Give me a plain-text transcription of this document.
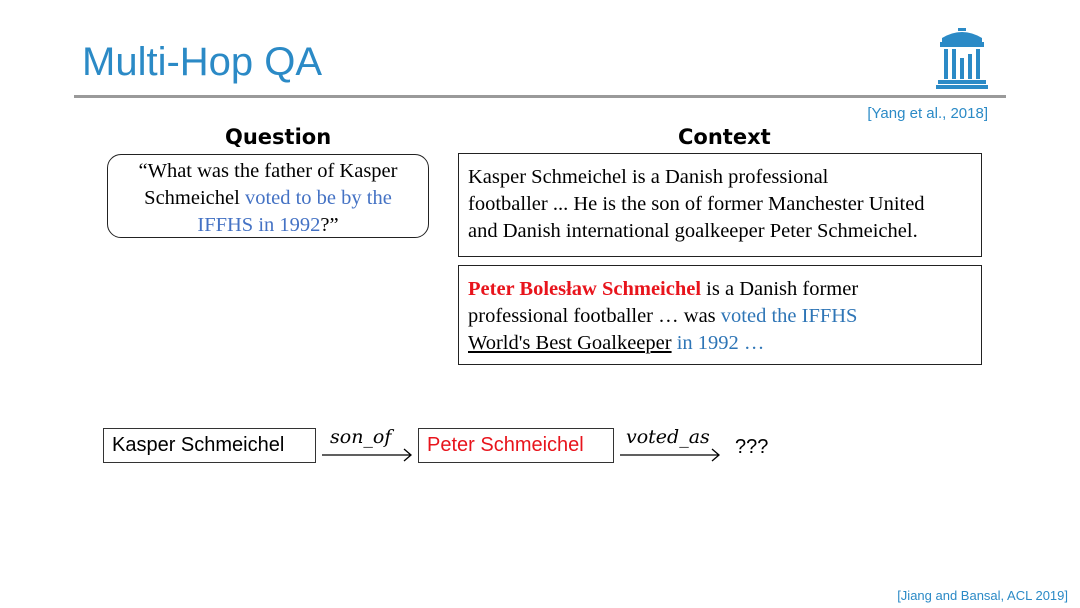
Multi-Hop QA
[Yang et al., 2018]
Question	Context
“What was the father of Kasper
Schmeichel voted to be by the
IFFHS in 1992?”
Kasper Schmeichel is a Danish professional
footballer ... He is the son of former Manchester United
and Danish international goalkeeper Peter Schmeichel.
Peter Bolesław Schmeichel is a Danish former
professional footballer … was voted the IFFHS
World's Best Goalkeeper in 1992 …
Kasper Schmeichel	son_of	Peter Schmeichel	voted_as ???
[Jiang and Bansal, ACL 2019]
